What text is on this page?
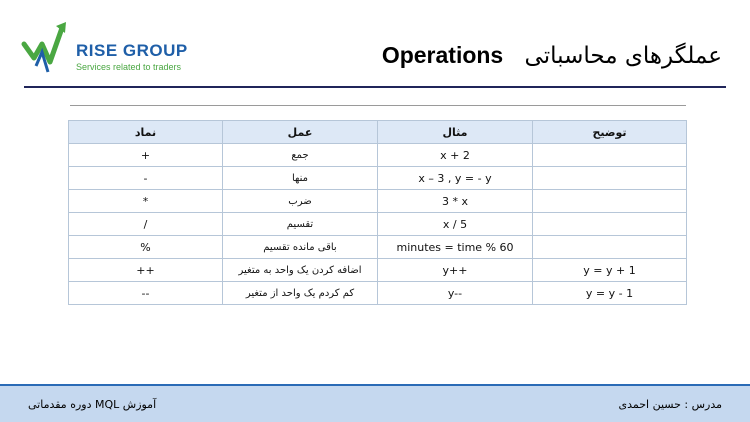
RISE GROUP
Services related to traders	Operations عملگرهای محاسباتی
نماد	عمل	مثال	توضیح
+	جمع	x + 2	
-	منها	x – 3 , y = - y	
*	ضرب	3 * x	
/	تقسیم	x / 5	
%	باقی مانده تقسیم	minutes = time % 60	
++	اضافه کردن یک واحد به متغیر	y++	y = y + 1
--	کم کردم یک واحد از متغیر	y--	y = y - 1
آموزش MQL دوره مقدماتی	مدرس : حسین احمدی
